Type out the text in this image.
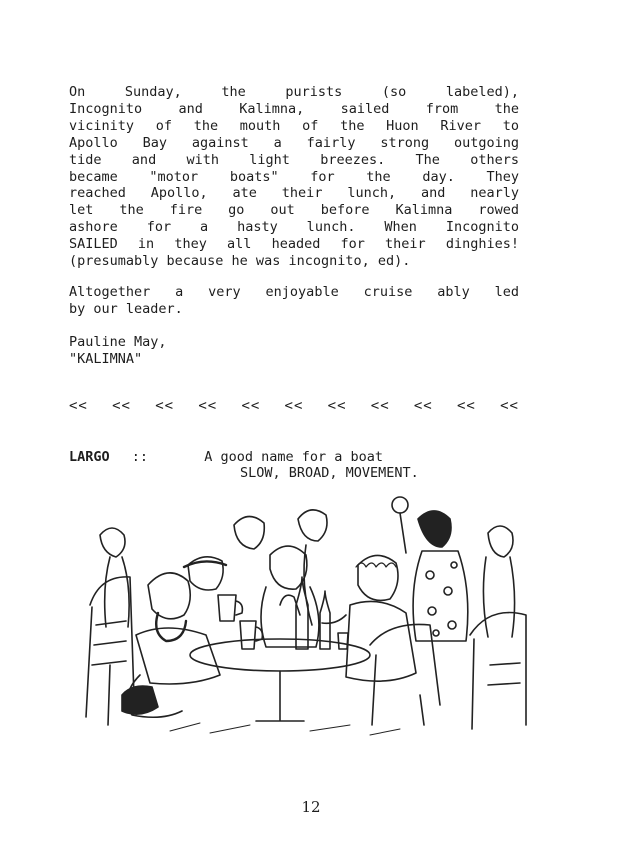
On Sunday, the purists (so labeled),
Incognito and Kalimna, sailed from the
vicinity of the mouth of the Huon River to
Apollo Bay against a fairly strong outgoing
tide and with light breezes. The others
became "motor boats" for the day. They
reached Apollo, ate their lunch, and nearly
let the fire go out before Kalimna rowed
ashore for a hasty lunch. When Incognito
SAILED in they all headed for their dinghies!
(presumably because he was incognito, ed).

Altogether a very enjoyable cruise ably led
by our leader.

Pauline May,
"KALIMNA"

<< << << << << << << << << << <<
LARGO ::	A good name for a boat
SLOW, BROAD, MOVEMENT.
12
